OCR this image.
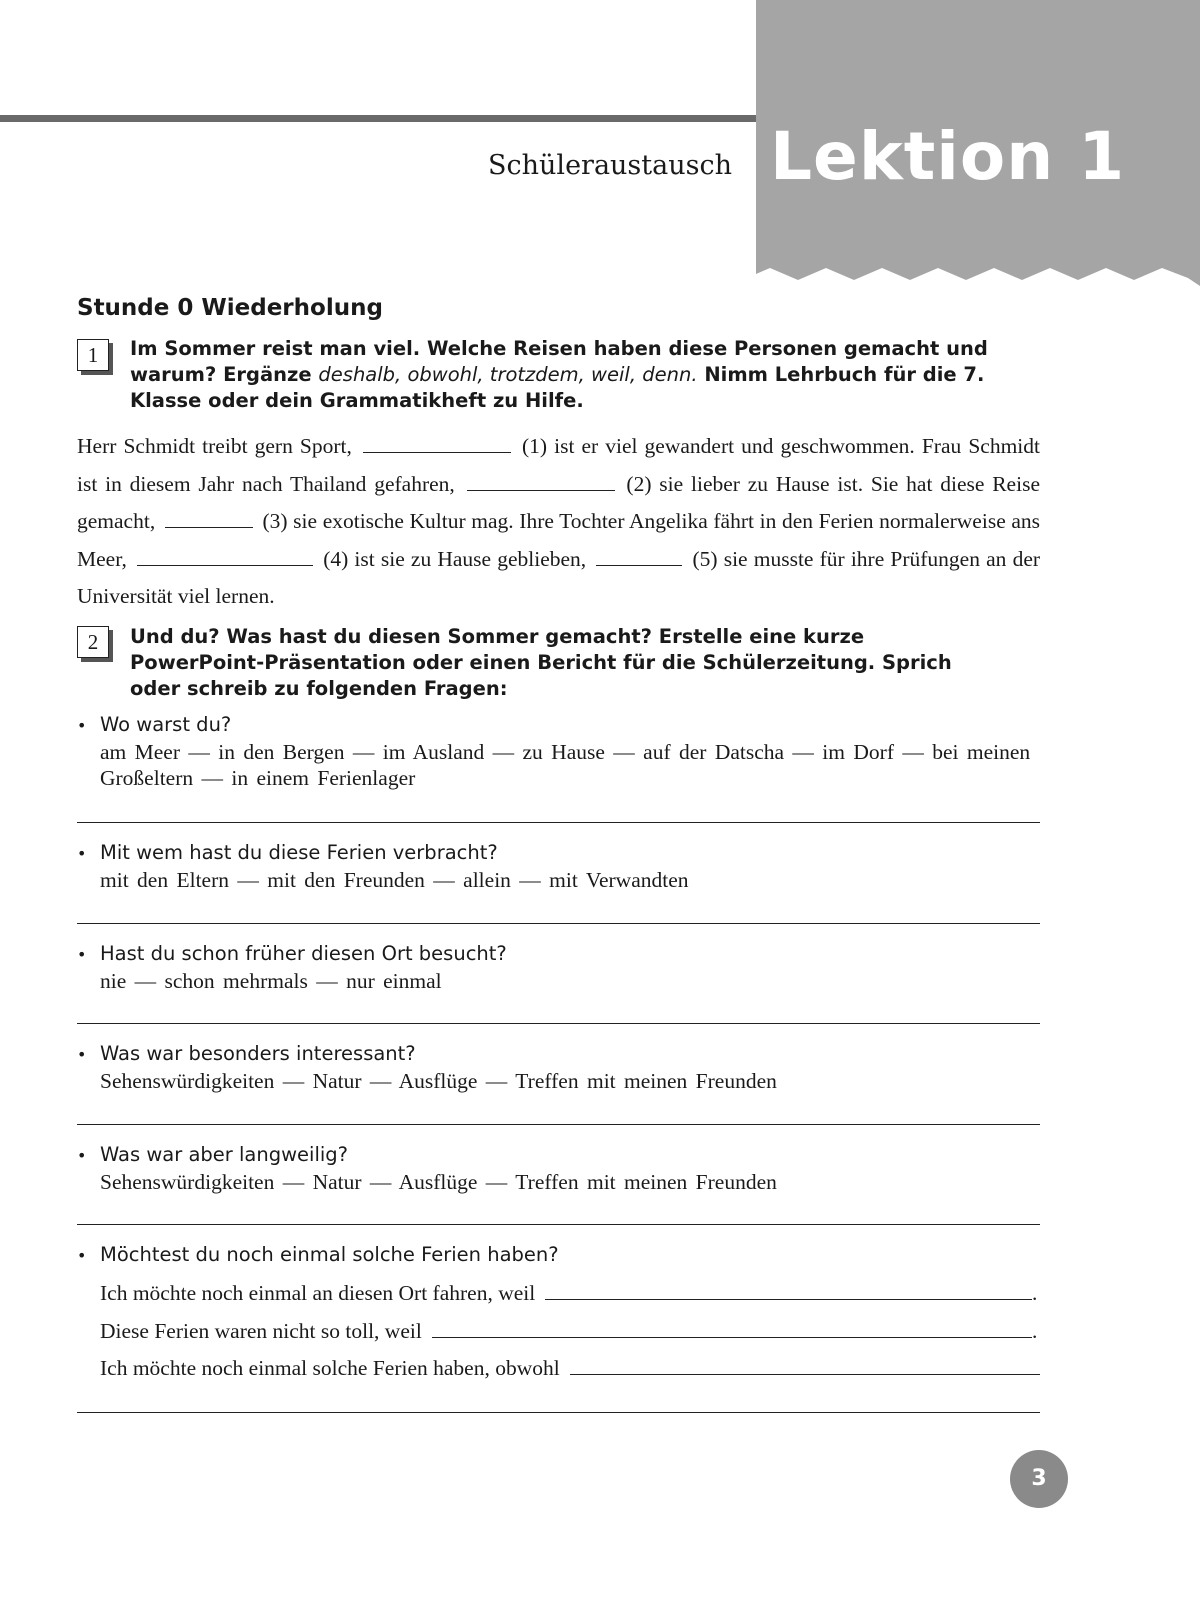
Lektion 1
Schüleraustausch
Stunde 0 Wiederholung
1	Im Sommer reist man viel. Welche Reisen haben diese Personen gemacht und warum? Ergänze deshalb, obwohl, trotzdem, weil, denn. Nimm Lehrbuch für die 7. Klasse oder dein Grammatikheft zu Hilfe.
Herr Schmidt treibt gern Sport,	(1) ist er viel gewandert und geschwommen. Frau Schmidt ist in diesem Jahr nach Thailand gefahren,	(2) sie lieber zu Hause ist. Sie hat diese Reise gemacht,	(3) sie exotische Kultur mag. Ihre Tochter Angelika fährt in den Ferien normalerweise ans Meer,	(4) ist sie zu Hause geblieben,	(5) sie musste für ihre Prüfungen an der Universität viel lernen.
2	Und du? Was hast du diesen Sommer gemacht? Erstelle eine kurze PowerPoint-Präsentation oder einen Bericht für die Schülerzeitung. Sprich oder schreib zu folgenden Fragen:
• Wo warst du?
am Meer — in den Bergen — im Ausland — zu Hause — auf der Datscha — im Dorf — bei meinen Großeltern — in einem Ferienlager
• Mit wem hast du diese Ferien verbracht?
mit den Eltern — mit den Freunden — allein — mit Verwandten
• Hast du schon früher diesen Ort besucht?
nie — schon mehrmals — nur einmal
• Was war besonders interessant?
Sehenswürdigkeiten — Natur — Ausflüge — Treffen mit meinen Freunden
• Was war aber langweilig?
Sehenswürdigkeiten — Natur — Ausflüge — Treffen mit meinen Freunden
• Möchtest du noch einmal solche Ferien haben?
Ich möchte noch einmal an diesen Ort fahren, weil	.
Diese Ferien waren nicht so toll, weil	.
Ich möchte noch einmal solche Ferien haben, obwohl
3
